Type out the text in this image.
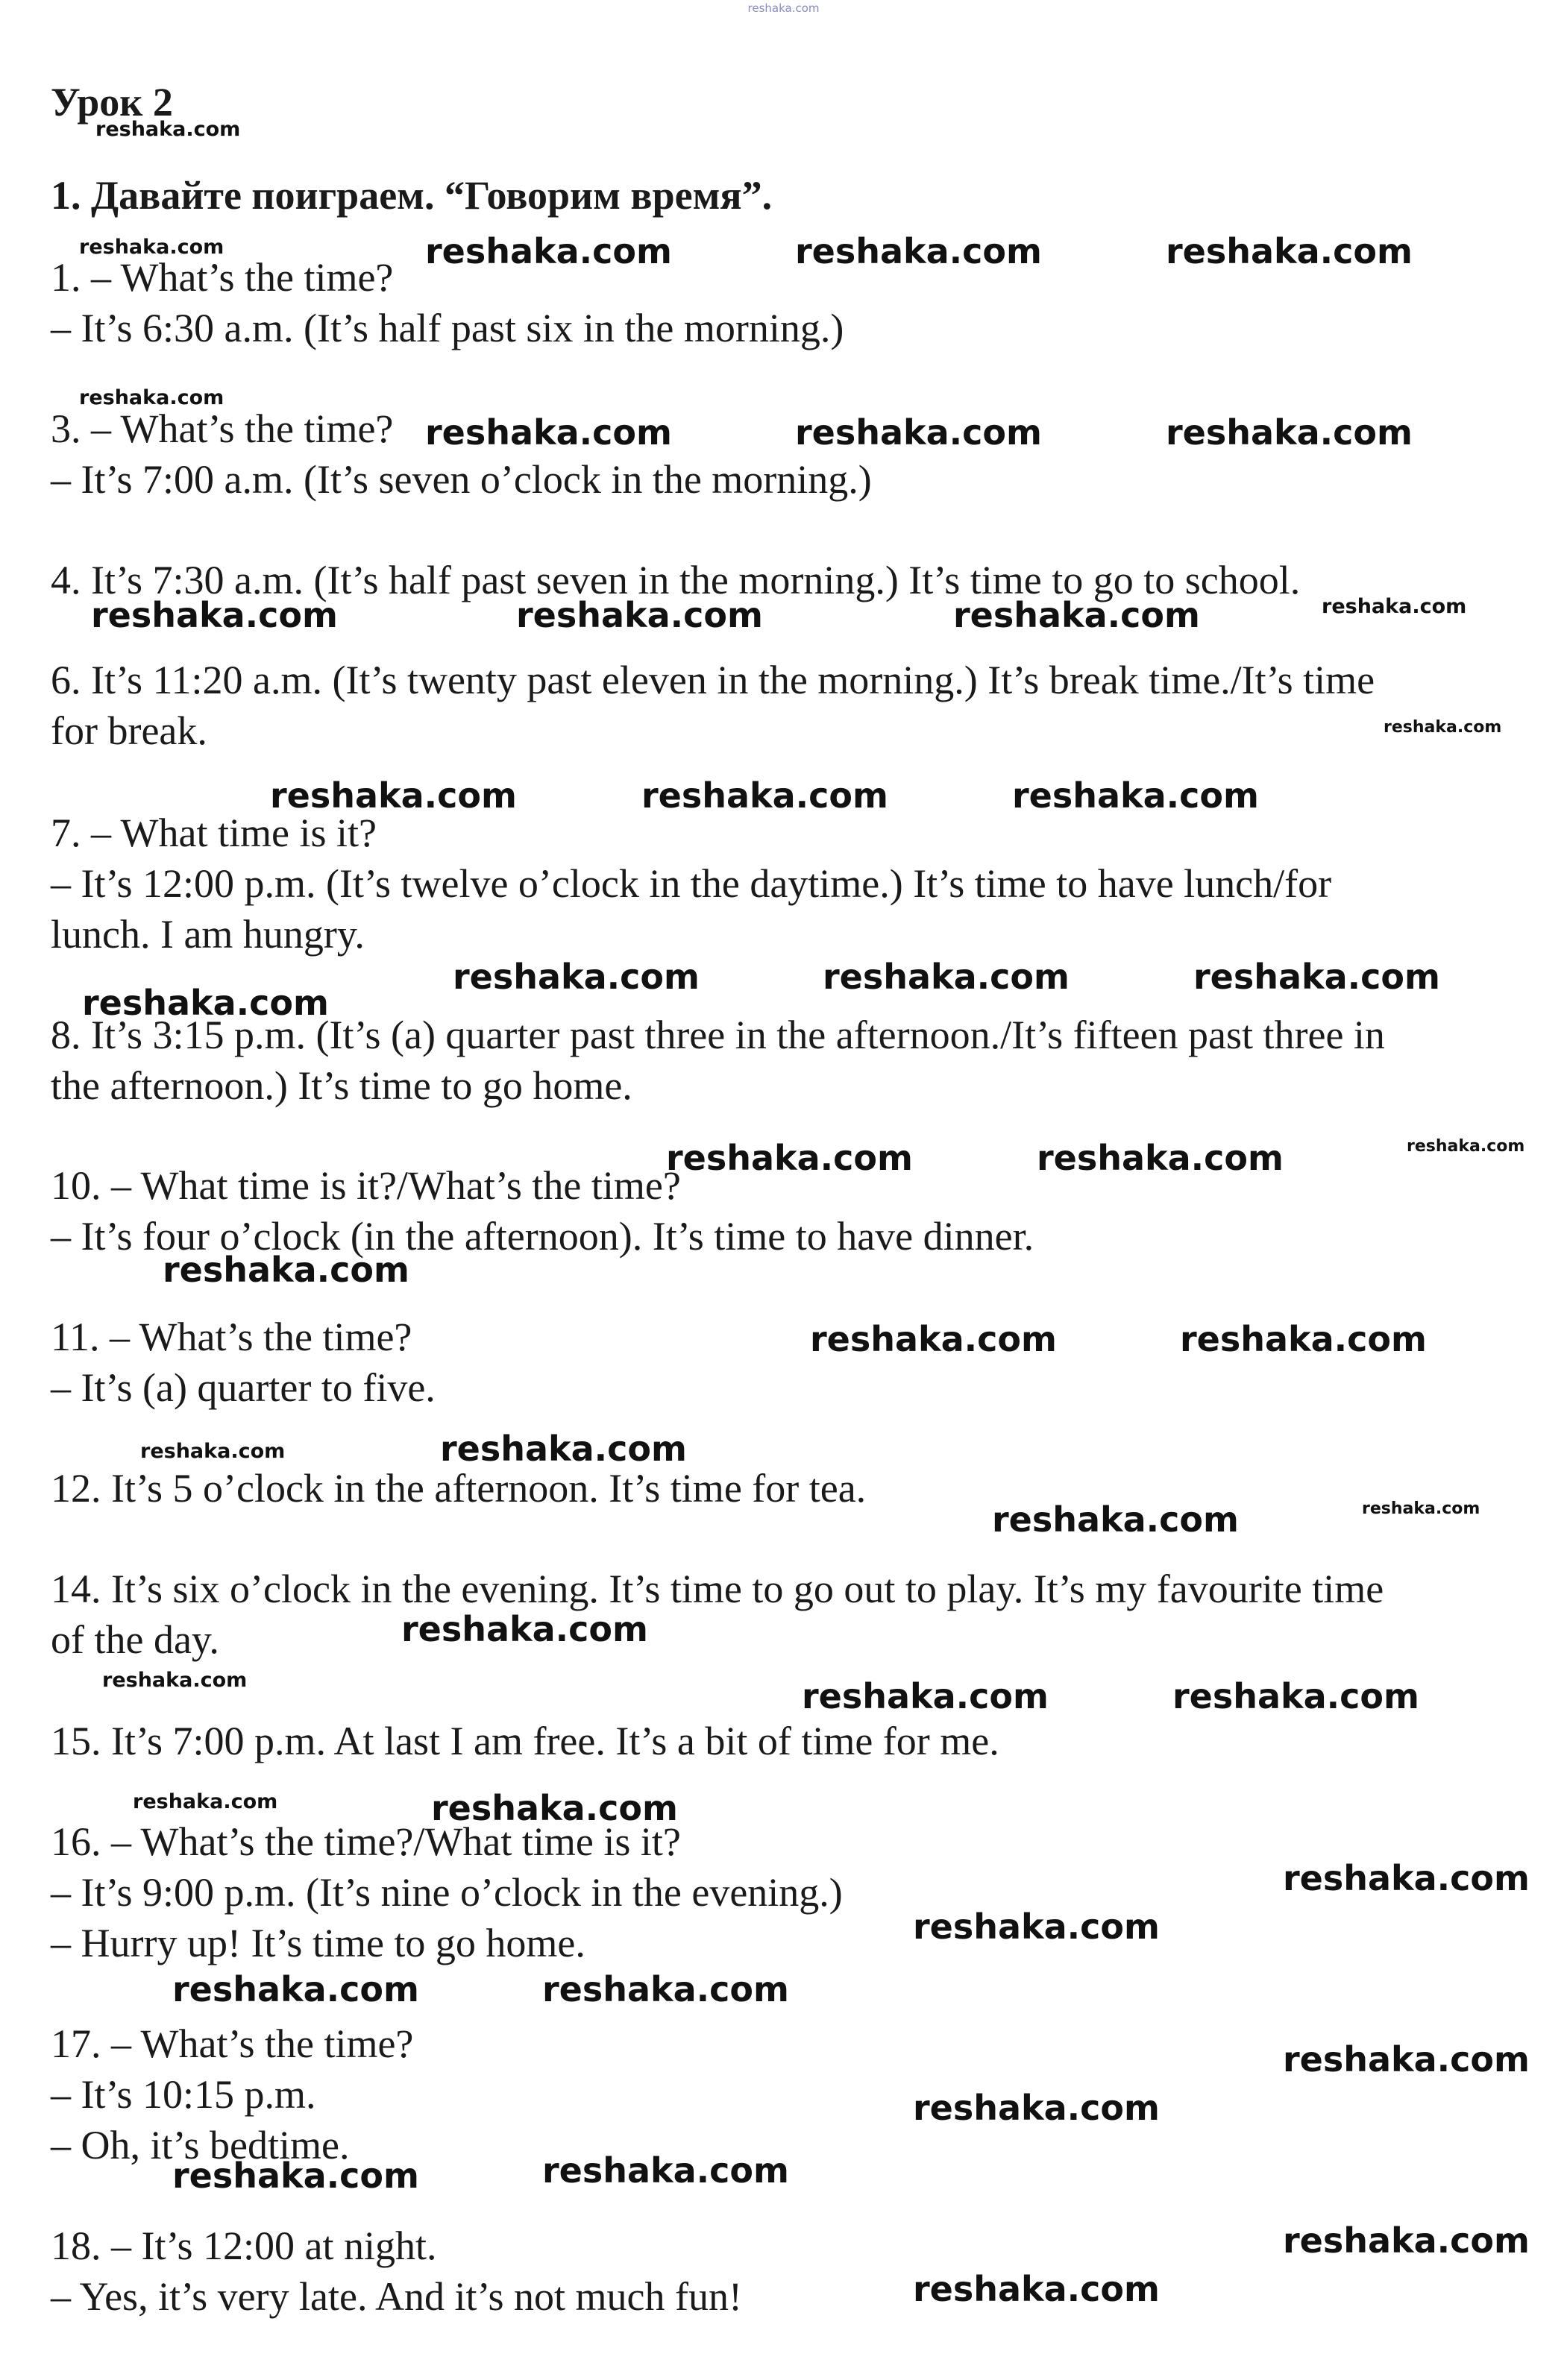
reshaka.com
Урок 2
1. Давайте поиграем. “Говорим время”.
1. – What’s the time?
– It’s 6:30 a.m. (It’s half past six in the morning.)
3. – What’s the time?
– It’s 7:00 a.m. (It’s seven o’clock in the morning.)
4. It’s 7:30 a.m. (It’s half past seven in the morning.) It’s time to go to school.
6. It’s 11:20 a.m. (It’s twenty past eleven in the morning.) It’s break time./It’s time
for break.
7. – What time is it?
– It’s 12:00 p.m. (It’s twelve o’clock in the daytime.) It’s time to have lunch/for
lunch. I am hungry.
8. It’s 3:15 p.m. (It’s (a) quarter past three in the afternoon./It’s fifteen past three in
the afternoon.) It’s time to go home.
10. – What time is it?/What’s the time?
– It’s four o’clock (in the afternoon). It’s time to have dinner.
11. – What’s the time?
– It’s (a) quarter to five.
12. It’s 5 o’clock in the afternoon. It’s time for tea.
14. It’s six o’clock in the evening. It’s time to go out to play. It’s my favourite time
of the day.
15. It’s 7:00 p.m. At last I am free. It’s a bit of time for me.
16. – What’s the time?/What time is it?
– It’s 9:00 p.m. (It’s nine o’clock in the evening.)
– Hurry up! It’s time to go home.
17. – What’s the time?
– It’s 10:15 p.m.
– Oh, it’s bedtime.
18. – It’s 12:00 at night.
– Yes, it’s very late. And it’s not much fun!
reshaka.com
reshaka.com	reshaka.com	reshaka.com	reshaka.com
reshaka.com
reshaka.com	reshaka.com	reshaka.com
reshaka.com	reshaka.com	reshaka.com	reshaka.com
reshaka.com
reshaka.com	reshaka.com	reshaka.com
reshaka.com	reshaka.com	reshaka.com
reshaka.com
reshaka.com	reshaka.com	reshaka.com
reshaka.com
reshaka.com	reshaka.com
reshaka.com	reshaka.com
reshaka.com	reshaka.com
reshaka.com
reshaka.com	reshaka.com	reshaka.com
reshaka.com	reshaka.com
reshaka.com
reshaka.com
reshaka.com	reshaka.com
reshaka.com
reshaka.com
reshaka.com	reshaka.com
reshaka.com
reshaka.com
